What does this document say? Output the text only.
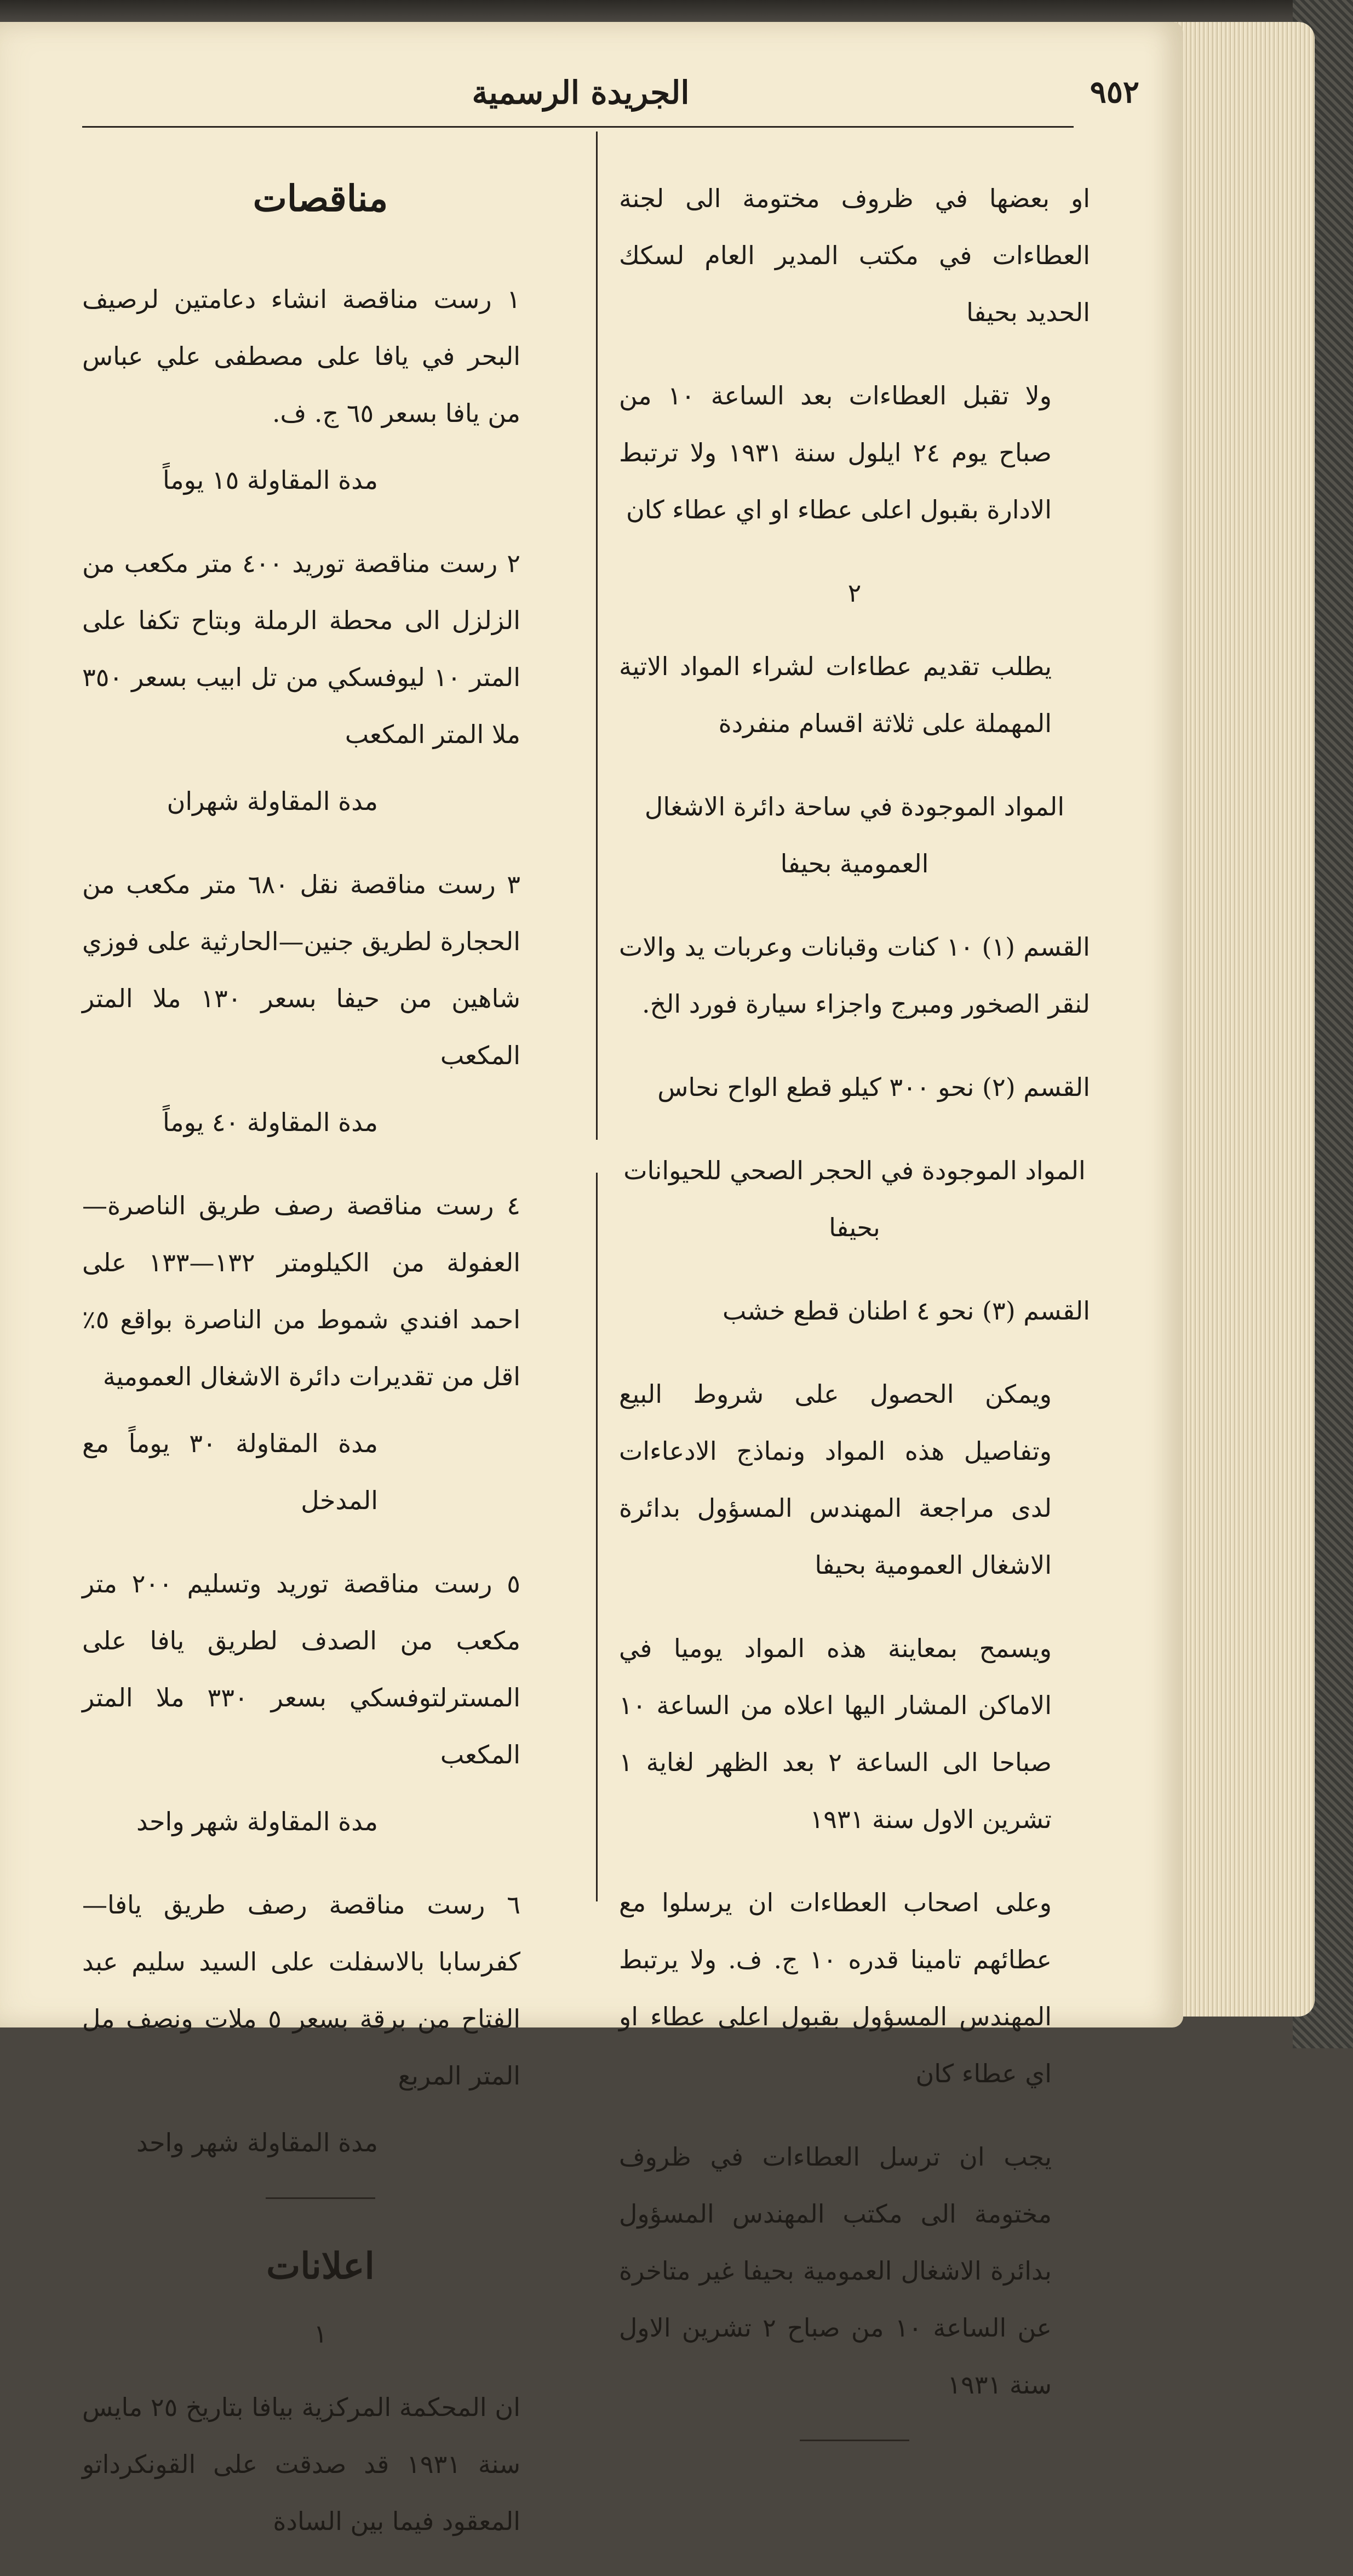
الجريدة الرسمية	٩٥٢

او بعضها في ظروف مختومة الى لجنة العطاءات في مكتب المدير العام لسكك الحديد بحيفا

ولا تقبل العطاءات بعد الساعة ١٠ من صباح يوم ٢٤ ايلول سنة ١٩٣١ ولا ترتبط الادارة بقبول اعلى عطاء او اي عطاء كان

٢

يطلب تقديم عطاءات لشراء المواد الاتية المهملة على ثلاثة اقسام منفردة

المواد الموجودة في ساحة دائرة الاشغال العمومية بحيفا

القسم (١) ١٠ كنات وقبانات وعربات يد والات لنقر الصخور ومبرج واجزاء سيارة فورد الخ.

القسم (٢) نحو ٣٠٠ كيلو قطع الواح نحاس

المواد الموجودة في الحجر الصحي للحيوانات بحيفا

القسم (٣) نحو ٤ اطنان قطع خشب

ويمكن الحصول على شروط البيع وتفاصيل هذه المواد ونماذج الادعاءات لدى مراجعة المهندس المسؤول بدائرة الاشغال العمومية بحيفا

ويسمح بمعاينة هذه المواد يوميا في الاماكن المشار اليها اعلاه من الساعة ١٠ صباحا الى الساعة ٢ بعد الظهر لغاية ١ تشرين الاول سنة ١٩٣١

وعلى اصحاب العطاءات ان يرسلوا مع عطائهم تامينا قدره ١٠ ج. ف. ولا يرتبط المهندس المسؤول بقبول اعلى عطاء او اي عطاء كان

يجب ان ترسل العطاءات في ظروف مختومة الى مكتب المهندس المسؤول بدائرة الاشغال العمومية بحيفا غير متاخرة عن الساعة ١٠ من صباح ٢ تشرين الاول سنة ١٩٣١

مناقصات

١ رست مناقصة انشاء دعامتين لرصيف البحر في يافا على مصطفى علي عباس من يافا بسعر ٦٥ ج. ف.

مدة المقاولة ١٥ يوماً

٢ رست مناقصة توريد ٤٠٠ متر مكعب من الزلزل الى محطة الرملة وبتاح تكفا على المتر ١٠ ليوفسكي من تل ابيب بسعر ٣٥٠ ملا المتر المكعب

مدة المقاولة شهران

٣ رست مناقصة نقل ٦٨٠ متر مكعب من الحجارة لطريق جنين—الحارثية على فوزي شاهين من حيفا بسعر ١٣٠ ملا المتر المكعب

مدة المقاولة ٤٠ يوماً

٤ رست مناقصة رصف طريق الناصرة—العفولة من الكيلومتر ١٣٢—١٣٣ على احمد افندي شموط من الناصرة بواقع ٥٪ اقل من تقديرات دائرة الاشغال العمومية

مدة المقاولة ٣٠ يوماً مع المدخل

٥ رست مناقصة توريد وتسليم ٢٠٠ متر مكعب من الصدف لطريق يافا على المسترلتوفسكي بسعر ٣٣٠ ملا المتر المكعب

مدة المقاولة شهر واحد

٦ رست مناقصة رصف طريق يافا—كفرسابا بالاسفلت على السيد سليم عبد الفتاح من برقة بسعر ٥ ملات ونصف مل المتر المربع

مدة المقاولة شهر واحد

اعلانات

١

ان المحكمة المركزية بيافا بتاريخ ٢٥ مايس سنة ١٩٣١ قد صدقت على القونكرداتو المعقود فيما بين السادة
